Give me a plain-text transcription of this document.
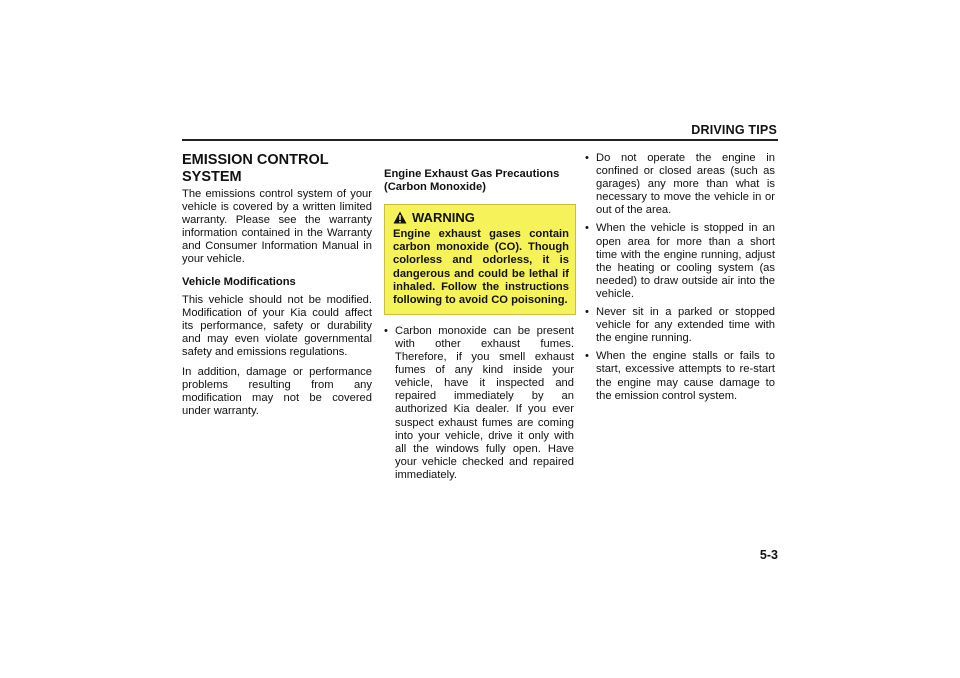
DRIVING TIPS
EMISSION CONTROL SYSTEM

The emissions control system of your vehicle is covered by a written limited warranty. Please see the warranty information contained in the Warranty and Consumer Information Manual in your vehicle.

Vehicle Modifications

This vehicle should not be modified. Modification of your Kia could affect its performance, safety or durability and may even violate governmental safety and emissions regulations.

In addition, damage or performance problems resulting from any modification may not be covered under warranty.

Engine Exhaust Gas Precautions (Carbon Monoxide)
WARNING
Engine exhaust gases contain carbon monoxide (CO). Though colorless and odorless, it is dangerous and could be lethal if inhaled. Follow the instructions following to avoid CO poisoning.
• Carbon monoxide can be present with other exhaust fumes. Therefore, if you smell exhaust fumes of any kind inside your vehicle, have it inspected and repaired immediately by an authorized Kia dealer. If you ever suspect exhaust fumes are coming into your vehicle, drive it only with all the windows fully open. Have your vehicle checked and repaired immediately.
• Do not operate the engine in confined or closed areas (such as garages) any more than what is necessary to move the vehicle in or out of the area.
• When the vehicle is stopped in an open area for more than a short time with the engine running, adjust the heating or cooling system (as needed) to draw outside air into the vehicle.
• Never sit in a parked or stopped vehicle for any extended time with the engine running.
• When the engine stalls or fails to start, excessive attempts to re-start the engine may cause damage to the emission control system.
5-3
